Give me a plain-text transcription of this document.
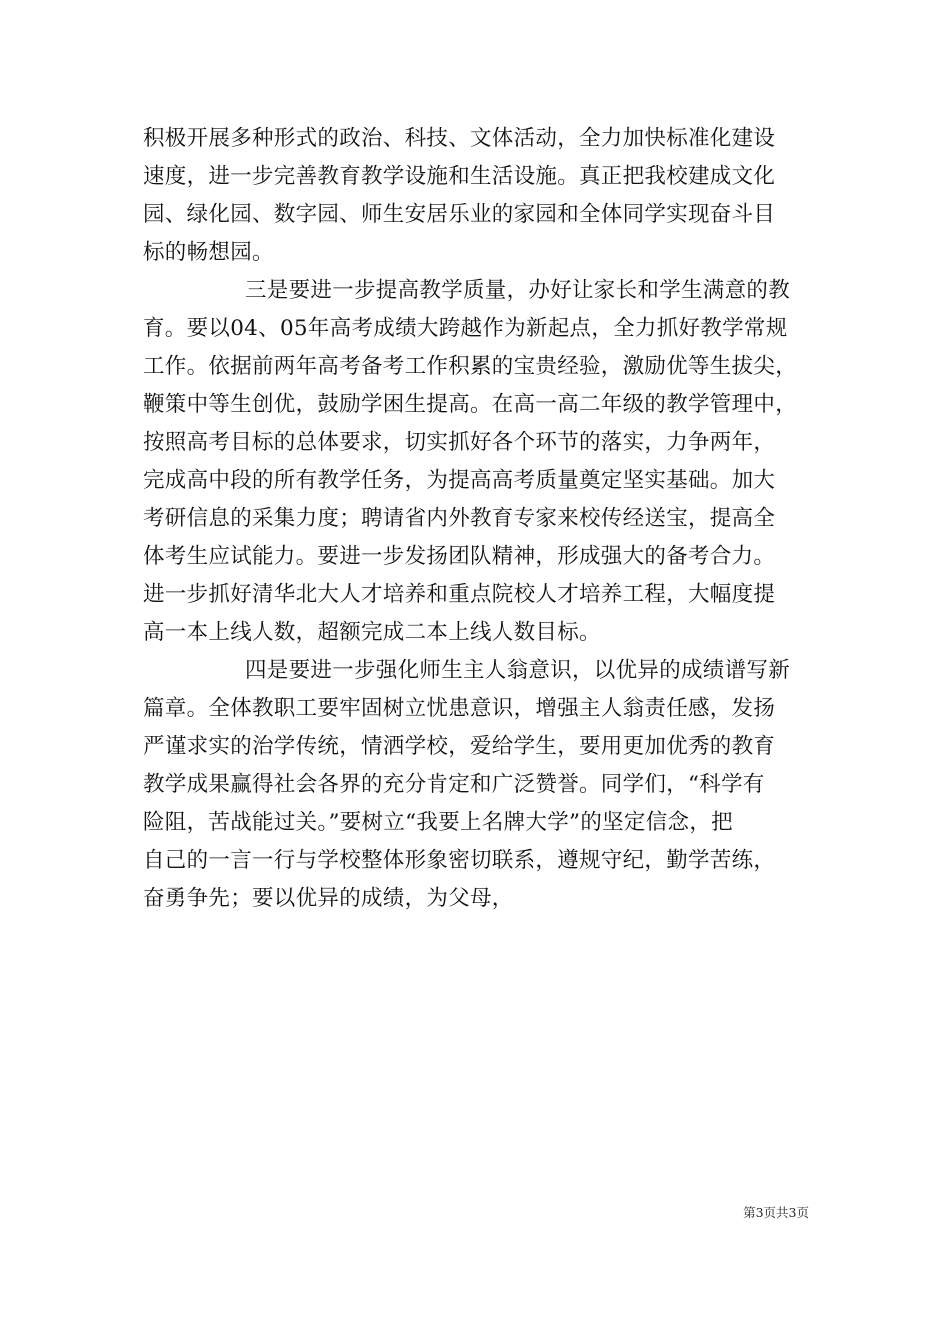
积极开展多种形式的政治、科技、文体活动，全力加快标准化建设
速度，进一步完善教育教学设施和生活设施。真正把我校建成文化
园、绿化园、数字园、师生安居乐业的家园和全体同学实现奋斗目
标的畅想园。
三是要进一步提高教学质量，办好让家长和学生满意的教
育。要以04、05年高考成绩大跨越作为新起点，全力抓好教学常规
工作。依据前两年高考备考工作积累的宝贵经验，激励优等生拔尖，
鞭策中等生创优，鼓励学困生提高。在高一高二年级的教学管理中，
按照高考目标的总体要求，切实抓好各个环节的落实，力争两年，
完成高中段的所有教学任务，为提高高考质量奠定坚实基础。加大
考研信息的采集力度；聘请省内外教育专家来校传经送宝，提高全
体考生应试能力。要进一步发扬团队精神，形成强大的备考合力。
进一步抓好清华北大人才培养和重点院校人才培养工程，大幅度提
高一本上线人数，超额完成二本上线人数目标。
四是要进一步强化师生主人翁意识，以优异的成绩谱写新
篇章。全体教职工要牢固树立忧患意识，增强主人翁责任感，发扬
严谨求实的治学传统，情洒学校，爱给学生，要用更加优秀的教育
教学成果赢得社会各界的充分肯定和广泛赞誉。同学们，“科学有
险阻，苦战能过关。”要树立“我要上名牌大学”的坚定信念，把
自己的一言一行与学校整体形象密切联系，遵规守纪，勤学苦练，
奋勇争先；要以优异的成绩，为父母，
第3页共3页
